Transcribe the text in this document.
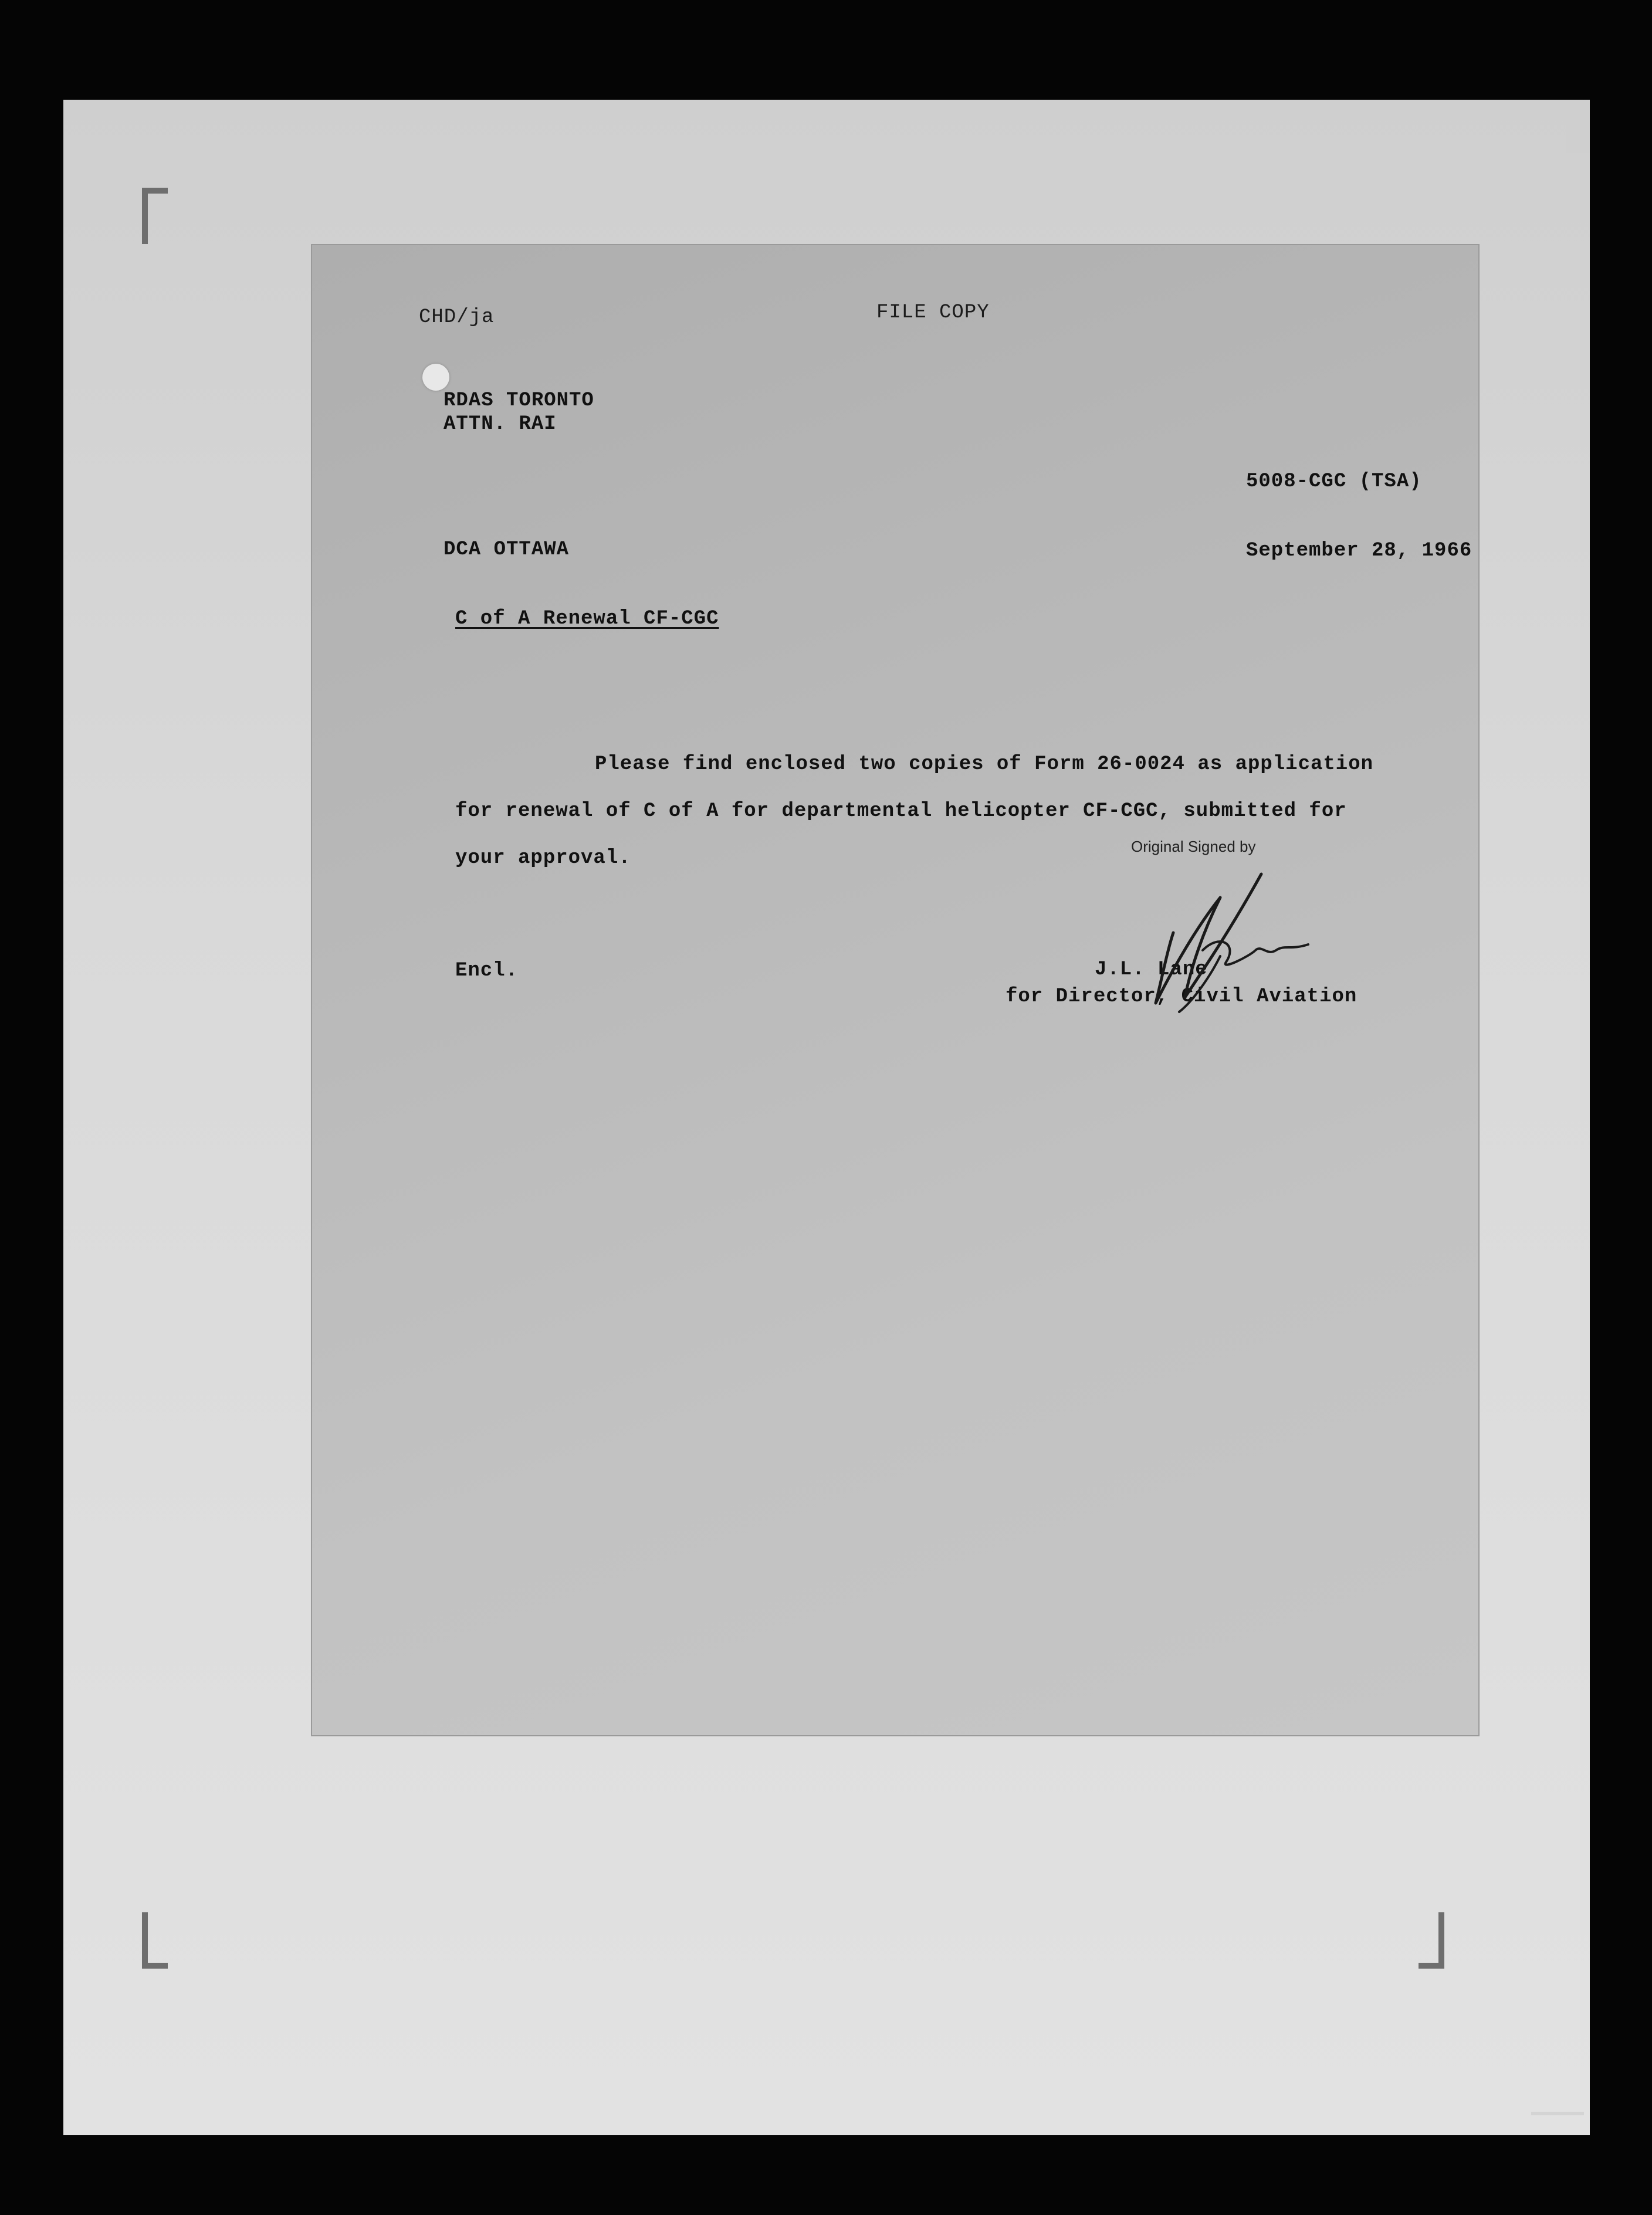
CHD/ja	FILE COPY
RDAS TORONTO
ATTN. RAI
5008-CGC (TSA)
DCA OTTAWA	September 28, 1966
C of A Renewal CF-CGC
Please find enclosed two copies of Form 26-0024 as application
for renewal of C of A for departmental helicopter CF-CGC, submitted for
your approval.
Original Signed by
Encl.	J.L. Lane
for Director, Civil Aviation
